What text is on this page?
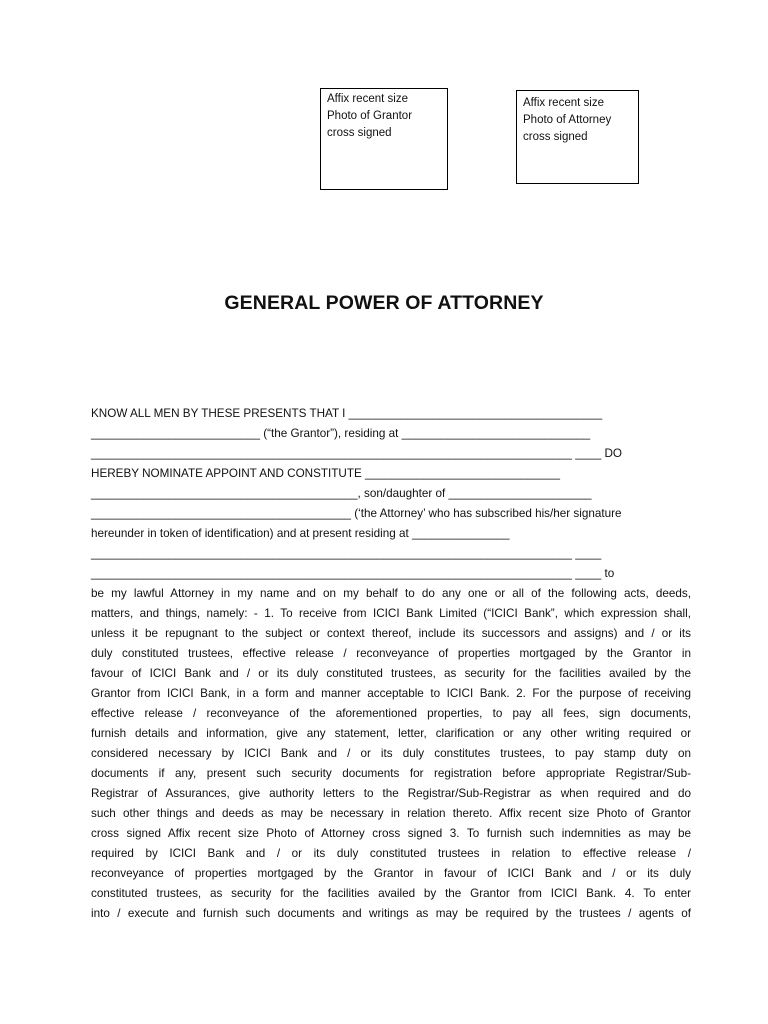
Affix recent size
Photo of Grantor
cross signed
Affix recent size
Photo of Attorney
cross signed
GENERAL POWER OF ATTORNEY
KNOW ALL MEN BY THESE PRESENTS THAT I _______________________________________
__________________________ (“the Grantor”), residing at _____________________________
__________________________________________________________________________ ____ DO
HEREBY NOMINATE APPOINT AND CONSTITUTE ______________________________
_________________________________________, son/daughter of ______________________
________________________________________ (‘the Attorney’ who has subscribed his/her signature
hereunder in token of identification) and at present residing at _______________
__________________________________________________________________________ ____
__________________________________________________________________________ ____ to
be my lawful Attorney in my name and on my behalf to do any one or all of the following acts, deeds,
matters, and things, namely: - 1. To receive from ICICI Bank Limited (“ICICI Bank”, which expression shall,
unless it be repugnant to the subject or context thereof, include its successors and assigns) and / or its
duly constituted trustees, effective release / reconveyance of properties mortgaged by the Grantor in
favour of ICICI Bank and / or its duly constituted trustees, as security for the facilities availed by the
Grantor from ICICI Bank, in a form and manner acceptable to ICICI Bank. 2. For the purpose of receiving
effective release / reconveyance of the aforementioned properties, to pay all fees, sign documents,
furnish details and information, give any statement, letter, clarification or any other writing required or
considered necessary by ICICI Bank and / or its duly constitutes trustees, to pay stamp duty on
documents if any, present such security documents for registration before appropriate Registrar/Sub-
Registrar of Assurances, give authority letters to the Registrar/Sub-Registrar as when required and do
such other things and deeds as may be necessary in relation thereto. Affix recent size Photo of Grantor
cross signed Affix recent size Photo of Attorney cross signed 3. To furnish such indemnities as may be
required by ICICI Bank and / or its duly constituted trustees in relation to effective release /
reconveyance of properties mortgaged by the Grantor in favour of ICICI Bank and / or its duly
constituted trustees, as security for the facilities availed by the Grantor from ICICI Bank. 4. To enter
into / execute and furnish such documents and writings as may be required by the trustees / agents of
